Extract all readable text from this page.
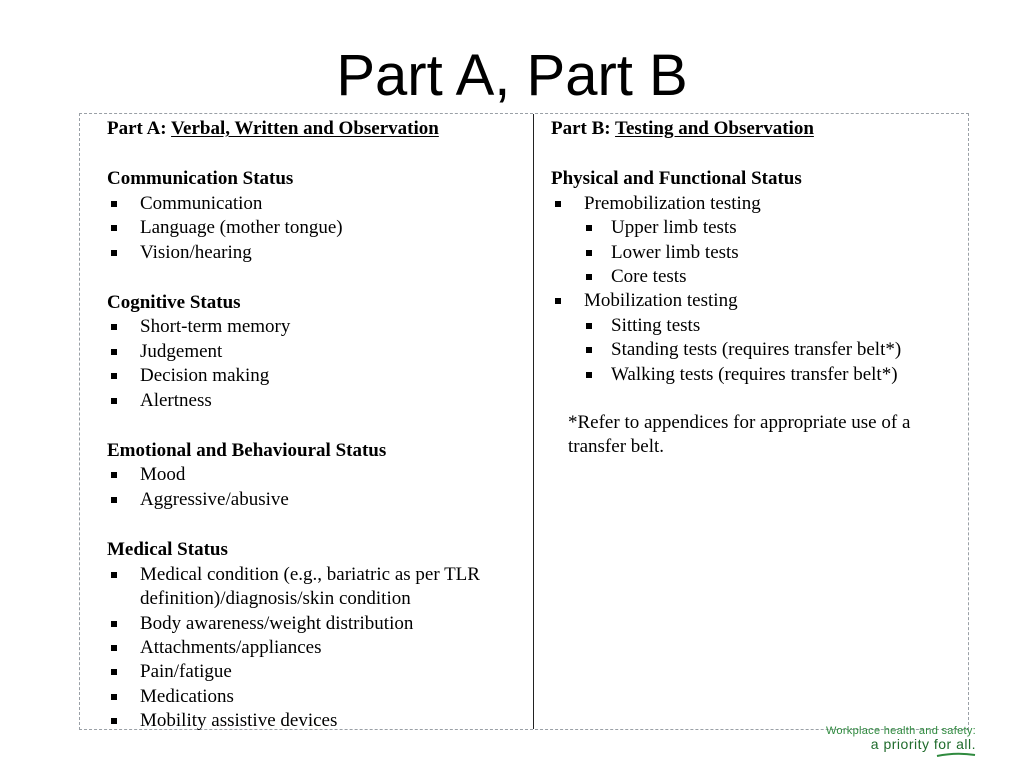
Part A, Part B
Part A: Verbal, Written and Observation
Communication Status
Communication
Language (mother tongue)
Vision/hearing
Cognitive Status
Short-term memory
Judgement
Decision making
Alertness
Emotional and Behavioural Status
Mood
Aggressive/abusive
Medical Status
Medical condition (e.g., bariatric as per TLR definition)/diagnosis/skin condition
Body awareness/weight distribution
Attachments/appliances
Pain/fatigue
Medications
Mobility assistive devices
Part B: Testing and Observation
Physical and Functional Status
Premobilization testing
Upper limb tests
Lower limb tests
Core tests
Mobilization testing
Sitting tests
Standing tests (requires transfer belt*)
Walking tests (requires transfer belt*)
*Refer to appendices for appropriate use of a transfer belt.
Workplace health and safety:
a priority for all.
